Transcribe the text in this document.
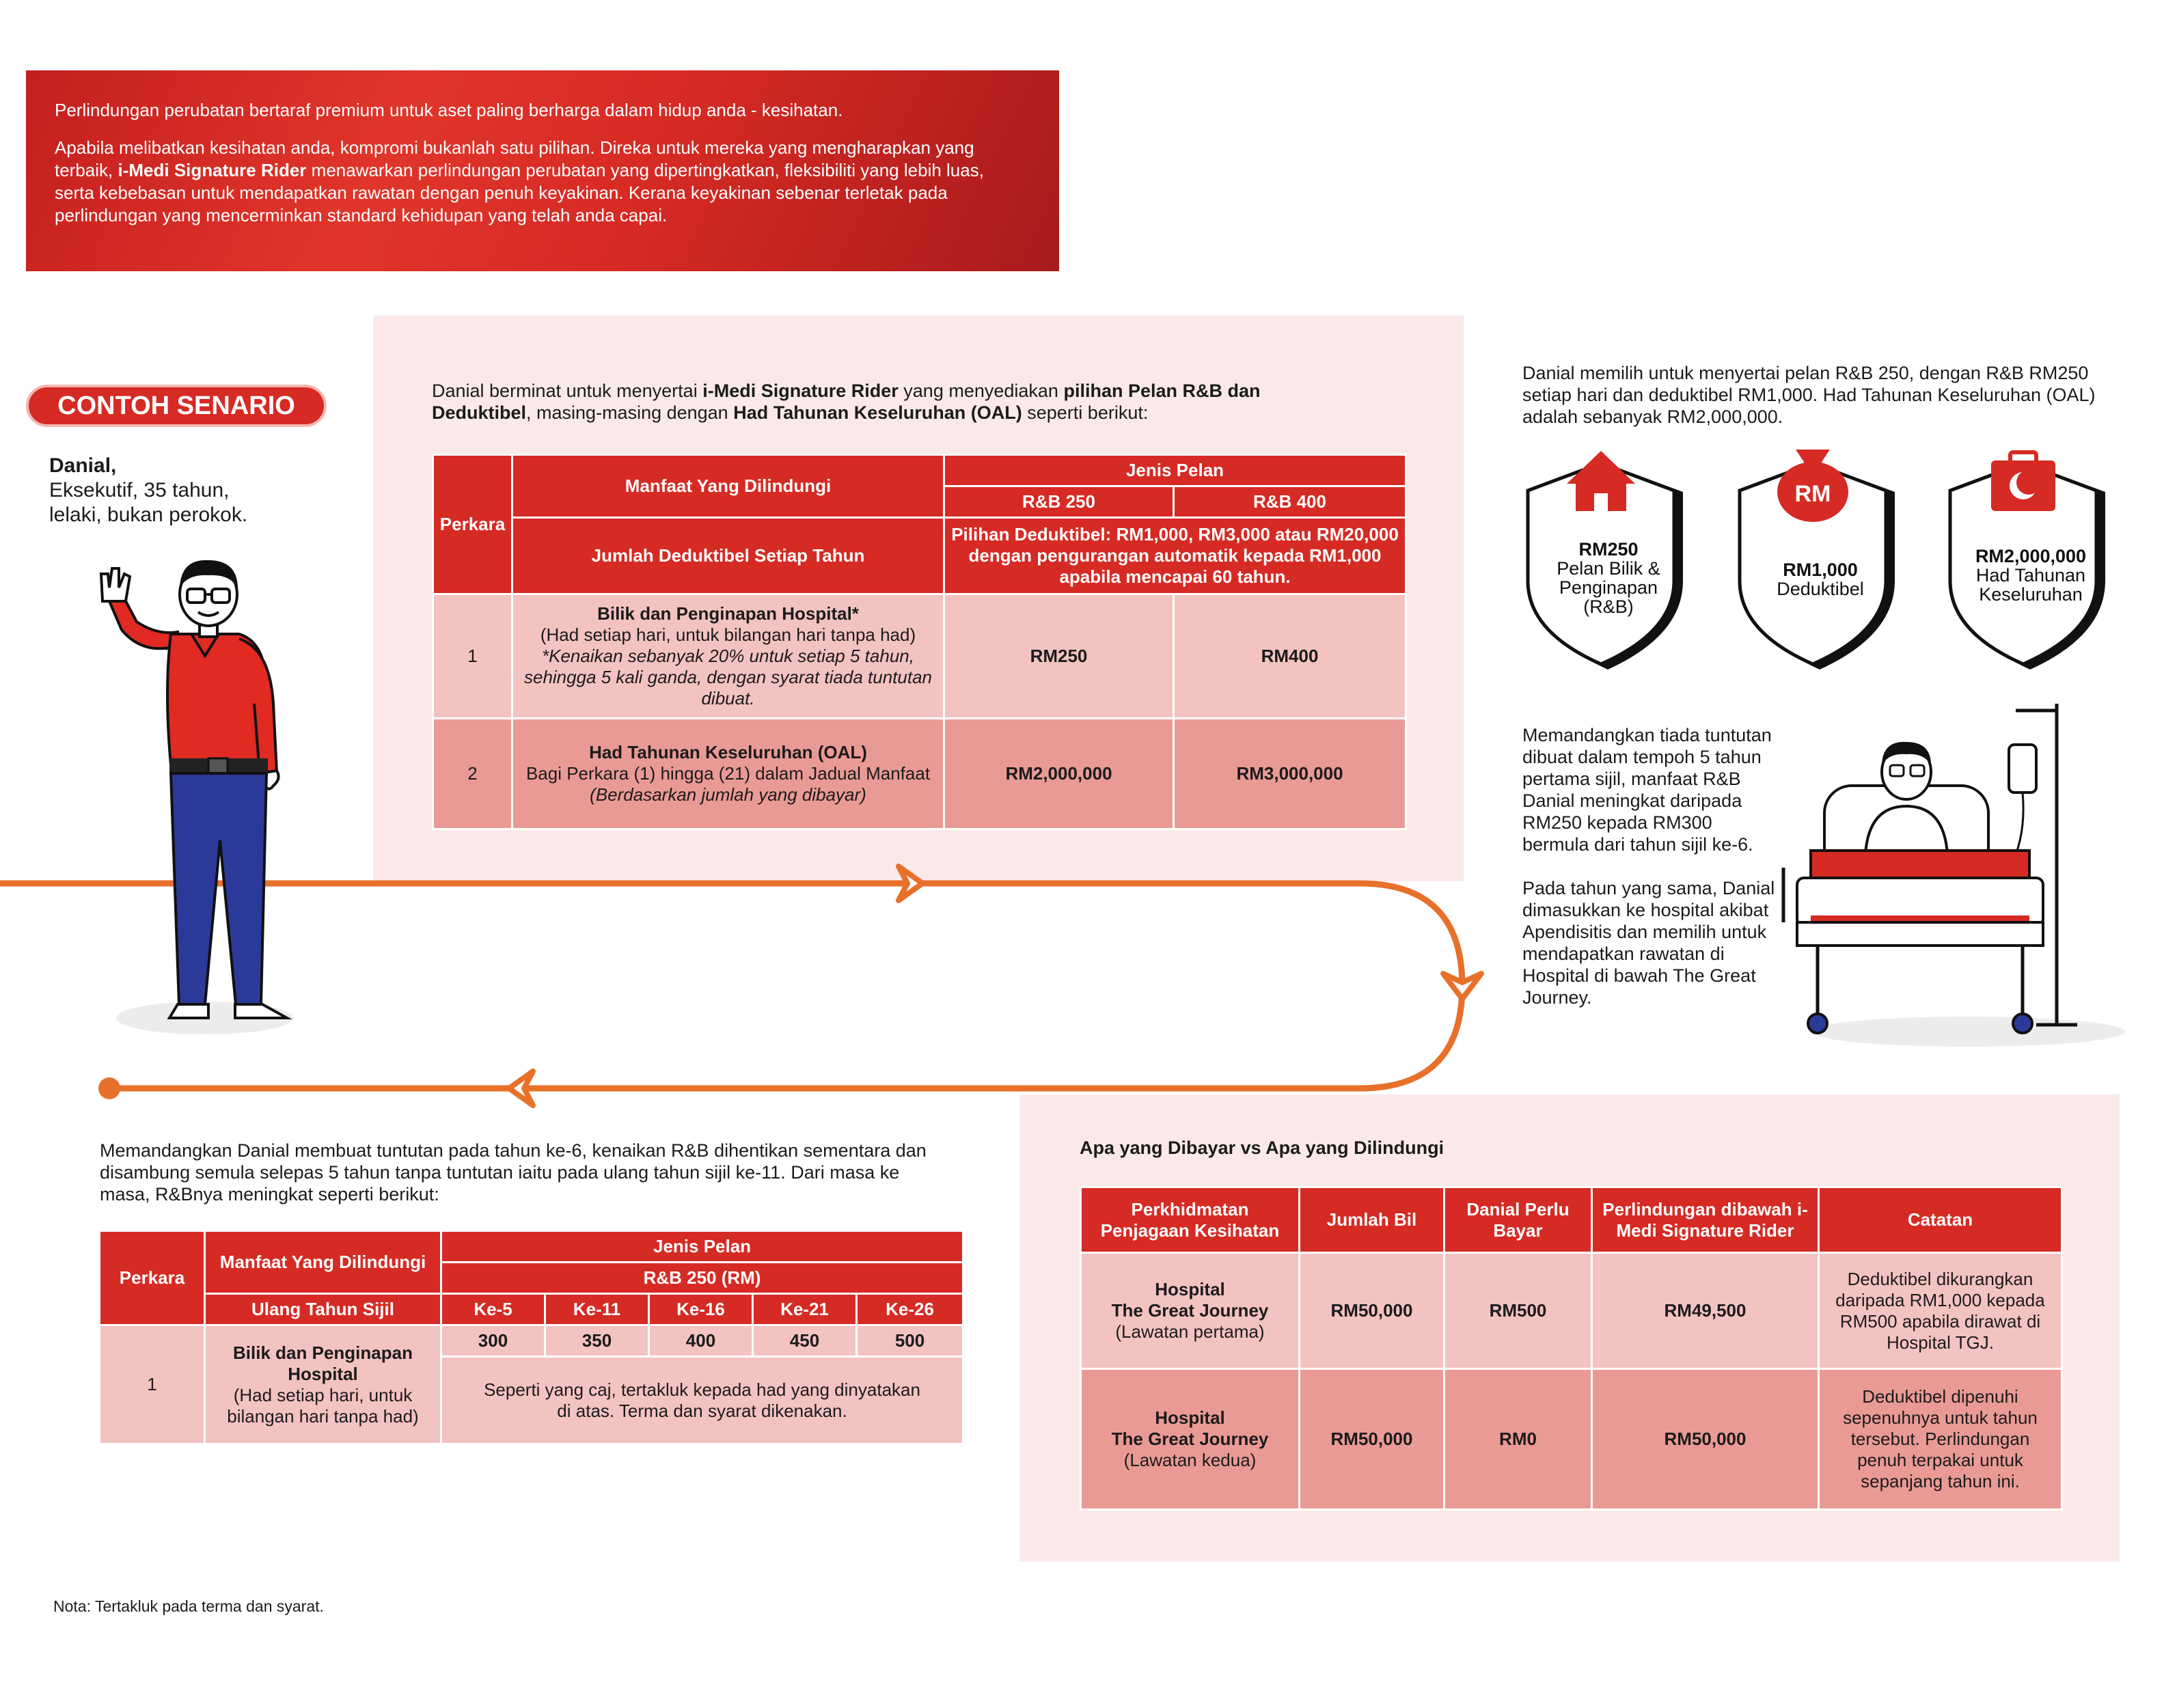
Perlindungan perubatan bertaraf premium untuk aset paling berharga dalam hidup anda - kesihatan.

Apabila melibatkan kesihatan anda, kompromi bukanlah satu pilihan. Direka untuk mereka yang mengharapkan yang terbaik, i-Medi Signature Rider menawarkan perlindungan perubatan yang dipertingkatkan, fleksibiliti yang lebih luas, serta kebebasan untuk mendapatkan rawatan dengan penuh keyakinan. Kerana keyakinan sebenar terletak pada perlindungan yang mencerminkan standard kehidupan yang telah anda capai.

CONTOH SENARIO
Danial,
Eksekutif, 35 tahun,
lelaki, bukan perokok.
Danial berminat untuk menyertai i-Medi Signature Rider yang menyediakan pilihan Pelan R&B dan Deduktibel, masing-masing dengan Had Tahunan Keseluruhan (OAL) seperti berikut:
Perkara	Manfaat Yang Dilindungi	Jenis Pelan	
		R&B 250	R&B 400
	Jumlah Deduktibel Setiap Tahun	Pilihan Deduktibel: RM1,000, RM3,000 atau RM20,000 dengan pengurangan automatik kepada RM1,000 apabila mencapai 60 tahun.	
1	Bilik dan Penginapan Hospital*
(Had setiap hari, untuk bilangan hari tanpa had)
*Kenaikan sebanyak 20% untuk setiap 5 tahun, sehingga 5 kali ganda, dengan syarat tiada tuntutan dibuat.	RM250	RM400
2	Had Tahunan Keseluruhan (OAL)
Bagi Perkara (1) hingga (21) dalam Jadual Manfaat
(Berdasarkan jumlah yang dibayar)	RM2,000,000	RM3,000,000
Danial memilih untuk menyertai pelan R&B 250, dengan R&B RM250 setiap hari dan deduktibel RM1,000. Had Tahunan Keseluruhan (OAL) adalah sebanyak RM2,000,000.
RM250
Pelan Bilik &
Penginapan
(R&B)
RM
RM1,000
Deduktibel
RM2,000,000
Had Tahunan
Keseluruhan

Memandangkan tiada tuntutan dibuat dalam tempoh 5 tahun pertama sijil, manfaat R&B Danial meningkat daripada RM250 kepada RM300 bermula dari tahun sijil ke-6.

Pada tahun yang sama, Danial dimasukkan ke hospital akibat Apendisitis dan memilih untuk mendapatkan rawatan di Hospital di bawah The Great Journey.

Memandangkan Danial membuat tuntutan pada tahun ke-6, kenaikan R&B dihentikan sementara dan disambung semula selepas 5 tahun tanpa tuntutan iaitu pada ulang tahun sijil ke-11. Dari masa ke masa, R&Bnya meningkat seperti berikut:
Perkara	Manfaat Yang Dilindungi	Jenis Pelan				
		R&B 250 (RM)				
	Ulang Tahun Sijil	Ke-5	Ke-11	Ke-16	Ke-21	Ke-26
1	Bilik dan Penginapan Hospital
(Had setiap hari, untuk bilangan hari tanpa had)	300	350	400	450	500
		Seperti yang caj, tertakluk kepada had yang dinyatakan di atas. Terma dan syarat dikenakan.				
Apa yang Dibayar vs Apa yang Dilindungi
Perkhidmatan Penjagaan Kesihatan	Jumlah Bil	Danial Perlu Bayar	Perlindungan dibawah i-Medi Signature Rider	Catatan

Hospital
The Great Journey
(Lawatan pertama)	RM50,000	RM500	RM49,500	Deduktibel dikurangkan daripada RM1,000 kepada RM500 apabila dirawat di Hospital TGJ.

Hospital
The Great Journey
(Lawatan kedua)	RM50,000	RM0	RM50,000	Deduktibel dipenuhi sepenuhnya untuk tahun tersebut. Perlindungan penuh terpakai untuk sepanjang tahun ini.
Nota: Tertakluk pada terma dan syarat.
